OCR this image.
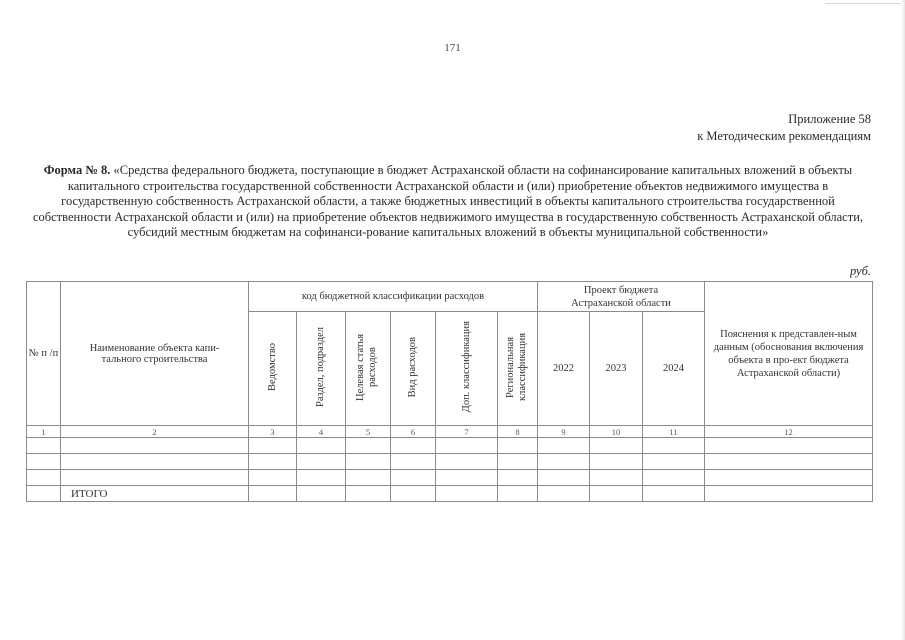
171
Приложение 58
к Методическим рекомендациям
Форма № 8. «Средства федерального бюджета, поступающие в бюджет Астраханской области на софинансирование капитальных вложений в объекты капитального строительства государственной собственности Астраханской области и (или) приобретение объектов недвижимого имущества в государственную собственность Астраханской области, а также бюджетных инвестиций в объекты капитального строительства государственной собственности Астраханской области и (или) на приобретение объектов недвижимого имущества в государственную собственность Астраханской области, субсидий местным бюджетам на софинанси-рование капитальных вложений в объекты муниципальной собственности»
руб.
№ п /п	Наименование объекта капи-тального строительства	код бюджетной классификации расходов						Проект бюджета Астраханской области			Пояснения к представлен-ным данным (обоснования включения объекта в про-ект бюджета Астраханской области)
		Ведомство	Раздел, подраздел	Целевая статья расходов	Вид расходов	Доп. классификация	Региональная классификация	2022	2023	2024	
1	2	3	4	5	6	7	8	9	10	11	12

	ИТОГО										
